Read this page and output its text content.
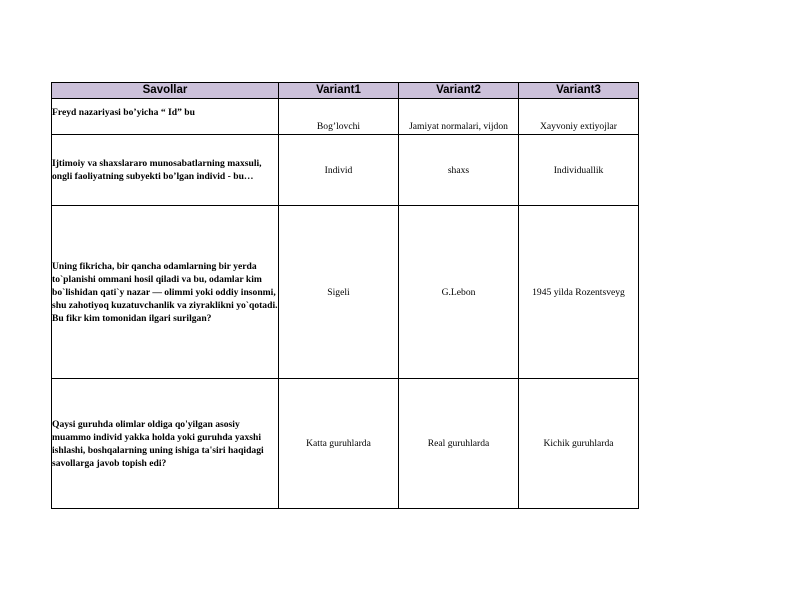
Savollar	Variant1	Variant2	Variant3
Freyd nazariyasi bo’yicha “ Id” bu	Bog’lovchi	Jamiyat normalari, vijdon	Xayvoniy extiyojlar
Ijtimoiy va shaxslararo munosabatlarning maxsuli, ongli faoliyatning subyekti bo’lgan individ - bu…	Individ	shaxs	Individuallik
Uning fikricha, bir qancha odamlarning bir yerda to`planishi ommani hosil qiladi va bu, odamlar kim bo`lishidan qati`y nazar — olimmi yoki oddiy insonmi, shu zahotiyoq kuzatuvchanlik va ziyraklikni yo`qotadi. Bu fikr kim tomonidan ilgari surilgan?	Sigeli	G.Lebon	1945 yilda Rozentsveyg
Qaysi guruhda olimlar oldiga qo'yilgan asosiy muammo individ yakka holda yoki guruhda yaxshi ishlashi, boshqalarning uning ishiga ta'siri haqidagi savollarga javob topish edi?	Katta guruhlarda	Real guruhlarda	Kichik guruhlarda
